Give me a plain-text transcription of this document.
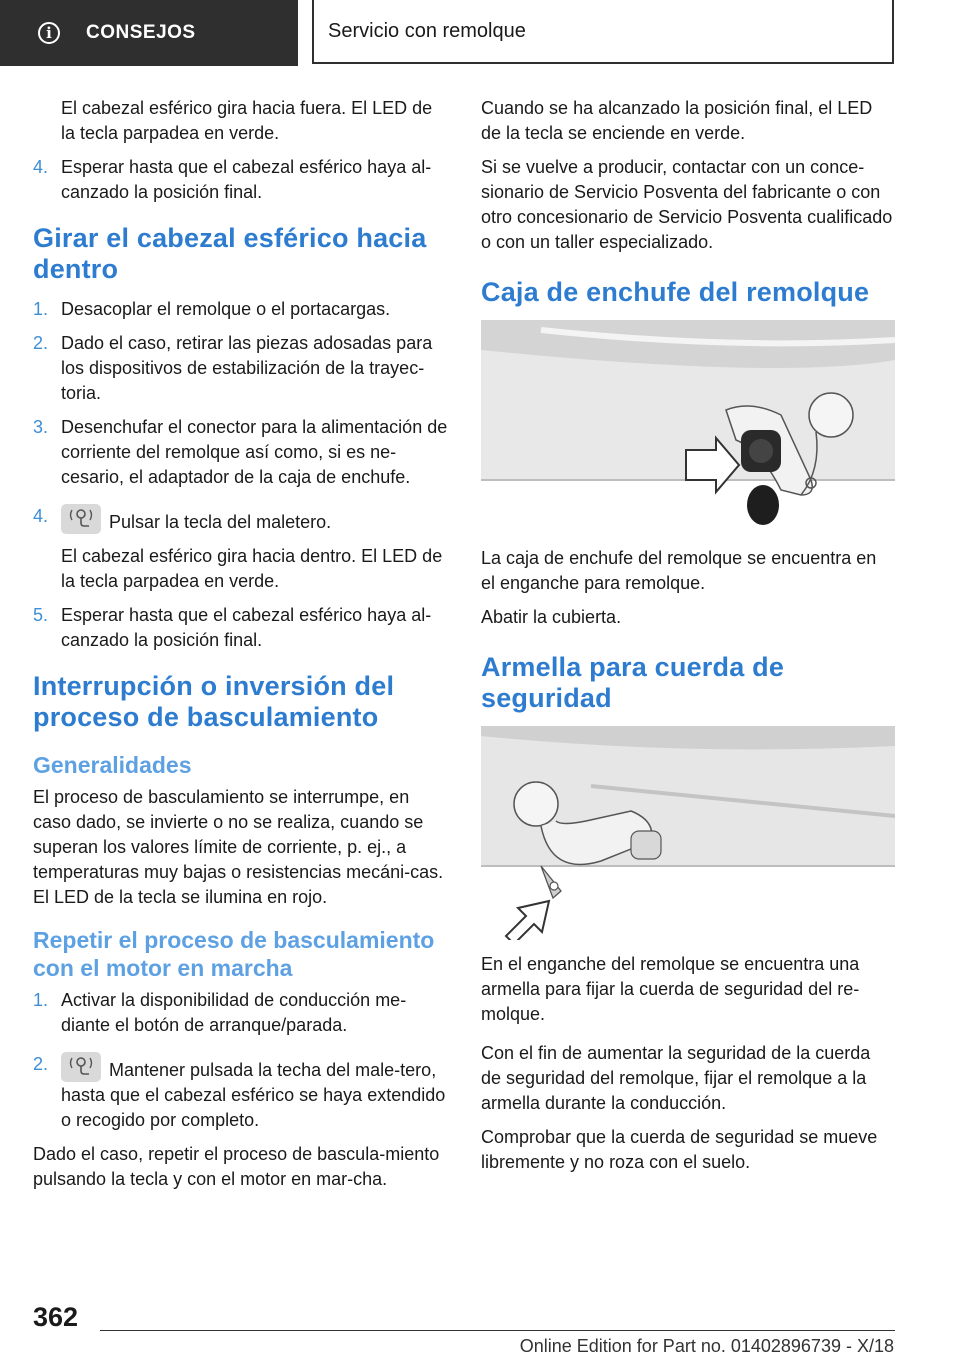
i	CONSEJOS	Servicio con remolque

El cabezal esférico gira hacia fuera. El LED de la tecla parpadea en verde.

4. Esperar hasta que el cabezal esférico haya al-canzado la posición final.

Girar el cabezal esférico hacia dentro
1. Desacoplar el remolque o el portacargas.

2. Dado el caso, retirar las piezas adosadas para los dispositivos de estabilización de la trayec-toria.

3. Desenchufar el conector para la alimentación de corriente del remolque así como, si es ne-cesario, el adaptador de la caja de enchufe.

4.	Pulsar la tecla del maletero.

El cabezal esférico gira hacia dentro. El LED de la tecla parpadea en verde.

5. Esperar hasta que el cabezal esférico haya al-canzado la posición final.

Interrupción o inversión del proceso de basculamiento
Generalidades

El proceso de basculamiento se interrumpe, en caso dado, se invierte o no se realiza, cuando se superan los valores límite de corriente, p. ej., a temperaturas muy bajas o resistencias mecáni-cas. El LED de la tecla se ilumina en rojo.

Repetir el proceso de basculamiento con el motor en marcha
1. Activar la disponibilidad de conducción me-diante el botón de arranque/parada.

2.	Mantener pulsada la techa del male-tero, hasta que el cabezal esférico se haya extendido o recogido por completo.

Dado el caso, repetir el proceso de bascula-miento pulsando la tecla y con el motor en mar-cha.

Cuando se ha alcanzado la posición final, el LED de la tecla se enciende en verde.

Si se vuelve a producir, contactar con un conce-sionario de Servicio Posventa del fabricante o con otro concesionario de Servicio Posventa cualificado o con un taller especializado.

Caja de enchufe del remolque

La caja de enchufe del remolque se encuentra en el enganche para remolque.

Abatir la cubierta.

Armella para cuerda de seguridad

En el enganche del remolque se encuentra una armella para fijar la cuerda de seguridad del re-molque.

Con el fin de aumentar la seguridad de la cuerda de seguridad del remolque, fijar el remolque a la armella durante la conducción.

Comprobar que la cuerda de seguridad se mueve libremente y no roza con el suelo.

362
Online Edition for Part no. 01402896739 - X/18
